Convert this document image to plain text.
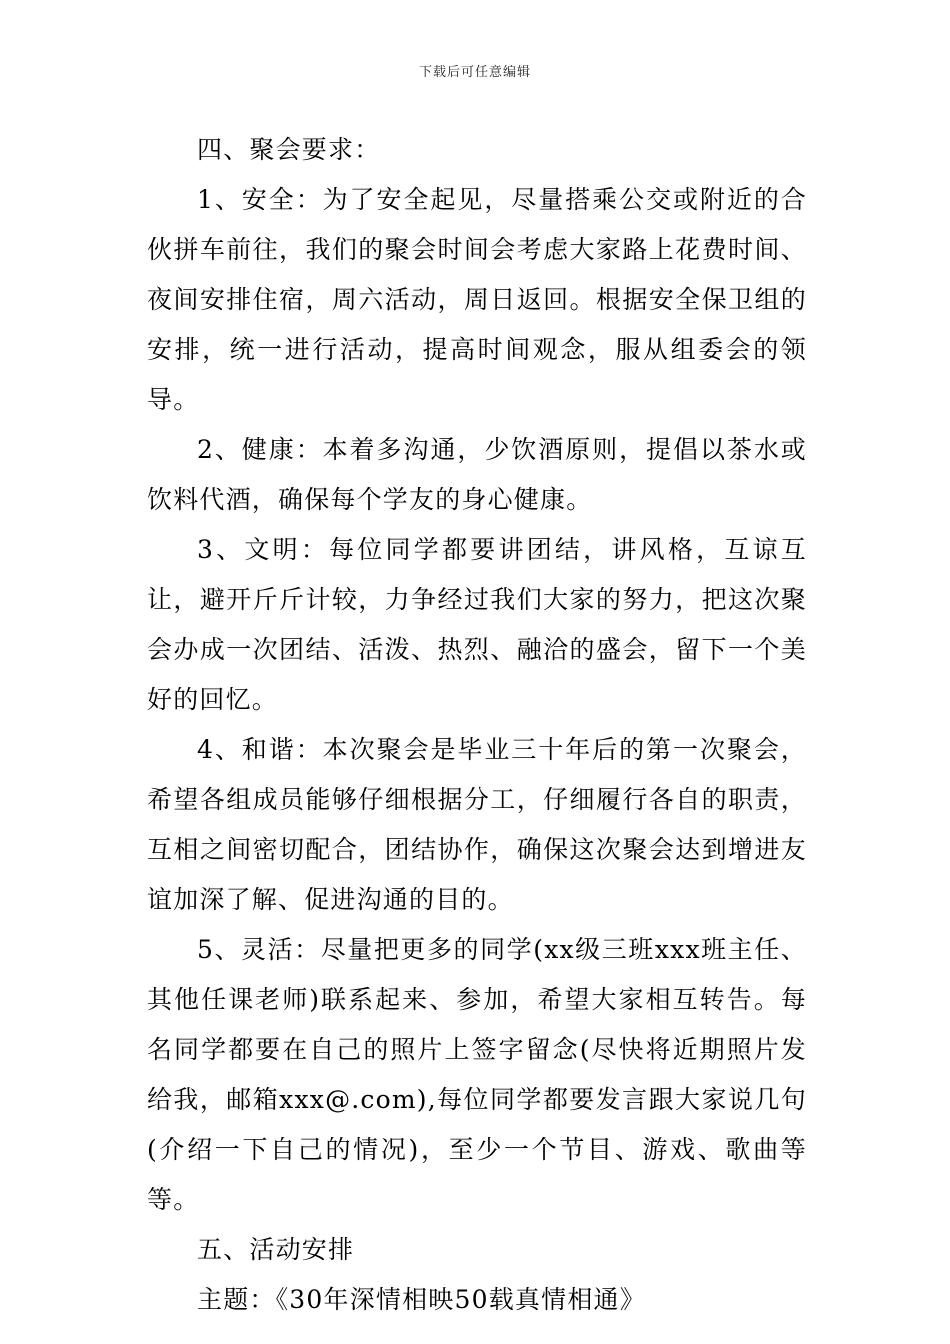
下载后可任意编辑

四、聚会要求：

1、安全：为了安全起见，尽量搭乘公交或附近的合伙拼车前往，我们的聚会时间会考虑大家路上花费时间、夜间安排住宿，周六活动，周日返回。根据安全保卫组的安排，统一进行活动，提高时间观念，服从组委会的领导。

2、健康：本着多沟通，少饮酒原则，提倡以茶水或饮料代酒，确保每个学友的身心健康。

3、文明：每位同学都要讲团结，讲风格，互谅互让，避开斤斤计较，力争经过我们大家的努力，把这次聚会办成一次团结、活泼、热烈、融洽的盛会，留下一个美好的回忆。

4、和谐：本次聚会是毕业三十年后的第一次聚会，希望各组成员能够仔细根据分工，仔细履行各自的职责，互相之间密切配合，团结协作，确保这次聚会达到增进友谊加深了解、促进沟通的目的。

5、灵活：尽量把更多的同学(xx级三班xxx班主任、其他任课老师)联系起来、参加，希望大家相互转告。每名同学都要在自己的照片上签字留念(尽快将近期照片发给我，邮箱xxx@.com),每位同学都要发言跟大家说几句(介绍一下自己的情况)，至少一个节目、游戏、歌曲等等。

五、活动安排

主题：《30年深情相映50载真情相通》
